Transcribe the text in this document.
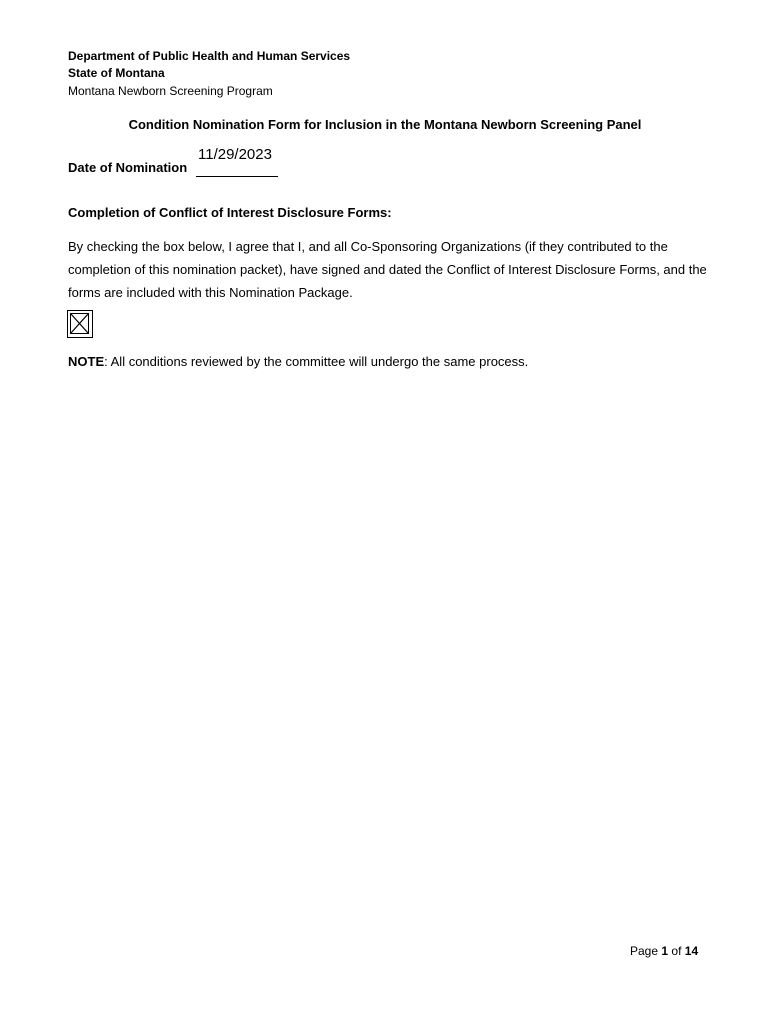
Department of Public Health and Human Services
State of Montana
Montana Newborn Screening Program
Condition Nomination Form for Inclusion in the Montana Newborn Screening Panel
Date of Nomination
11/29/2023
Completion of Conflict of Interest Disclosure Forms:
By checking the box below, I agree that I, and all Co-Sponsoring Organizations (if they contributed to the completion of this nomination packet), have signed and dated the Conflict of Interest Disclosure Forms, and the forms are included with this Nomination Package.
NOTE: All conditions reviewed by the committee will undergo the same process.
Page 1 of 14
